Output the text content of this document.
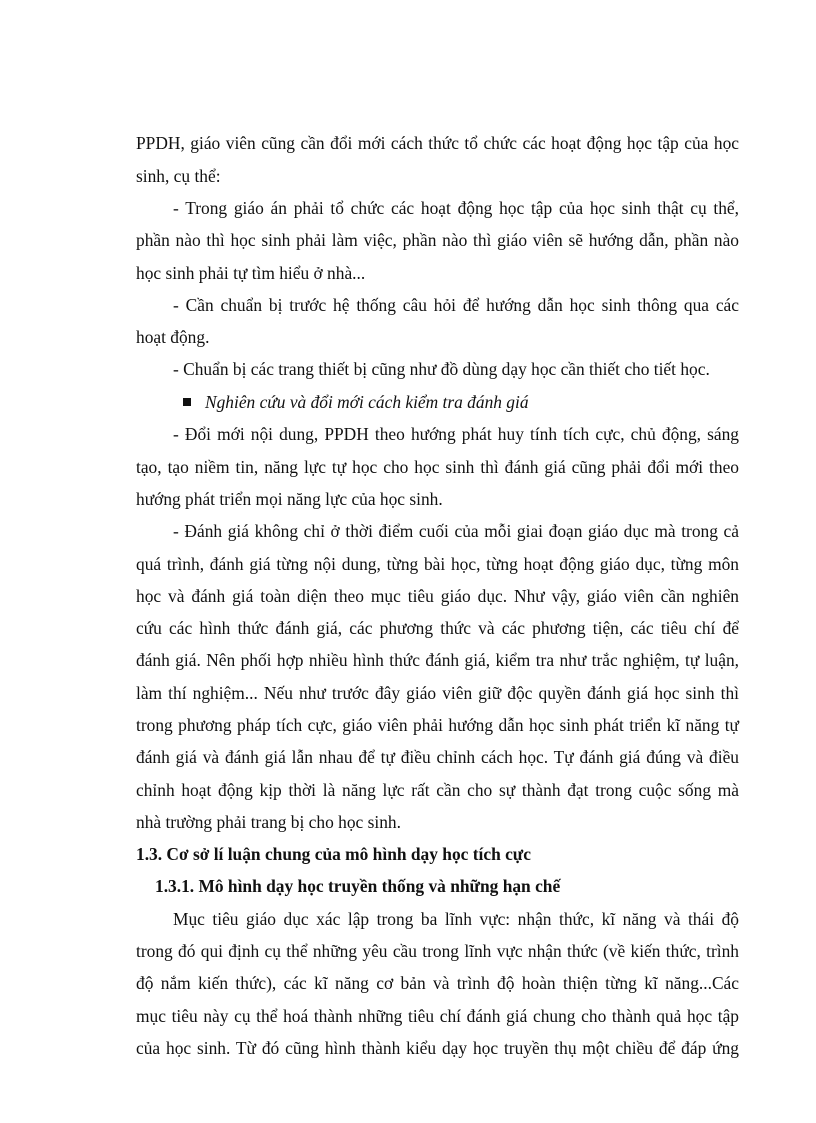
PPDH, giáo viên cũng cần đổi mới cách thức tổ chức các hoạt động học tập của học
sinh, cụ thể:
- Trong giáo án phải tổ chức các hoạt động học tập của học sinh thật cụ thể,
phần nào thì học sinh phải làm việc, phần nào thì giáo viên sẽ hướng dẫn, phần nào
học sinh phải tự tìm hiểu ở nhà...
- Cần chuẩn bị trước hệ thống câu hỏi để hướng dẫn học sinh thông qua các
hoạt động.
- Chuẩn bị các trang thiết bị cũng như đồ dùng dạy học cần thiết cho tiết học.
Nghiên cứu và đổi mới cách kiểm tra đánh giá
- Đổi mới nội dung, PPDH theo hướng phát huy tính tích cực, chủ động, sáng
tạo, tạo niềm tin, năng lực tự học cho học sinh thì đánh giá cũng phải đổi mới theo
hướng phát triển mọi năng lực của học sinh.
- Đánh giá không chỉ ở thời điểm cuối của mỗi giai đoạn giáo dục mà trong cả
quá trình, đánh giá từng nội dung, từng bài học, từng hoạt động giáo dục, từng môn
học và đánh giá toàn diện theo mục tiêu giáo dục. Như vậy, giáo viên cần nghiên
cứu các hình thức đánh giá, các phương thức và các phương tiện, các tiêu chí để
đánh giá. Nên phối hợp nhiều hình thức đánh giá, kiểm tra như trắc nghiệm, tự luận,
làm thí nghiệm... Nếu như trước đây giáo viên giữ độc quyền đánh giá học sinh thì
trong phương pháp tích cực, giáo viên phải hướng dẫn học sinh phát triển kĩ năng tự
đánh giá và đánh giá lẫn nhau để tự điều chỉnh cách học. Tự đánh giá đúng và điều
chỉnh hoạt động kịp thời là năng lực rất cần cho sự thành đạt trong cuộc sống mà
nhà trường phải trang bị cho học sinh.
1.3. Cơ sở lí luận chung của mô hình dạy học tích cực
1.3.1. Mô hình dạy học truyền thống và những hạn chế
Mục tiêu giáo dục xác lập trong ba lĩnh vực: nhận thức, kĩ năng và thái độ
trong đó qui định cụ thể những yêu cầu trong lĩnh vực nhận thức (về kiến thức, trình
độ nắm kiến thức), các kĩ năng cơ bản và trình độ hoàn thiện từng kĩ năng...Các
mục tiêu này cụ thể hoá thành những tiêu chí đánh giá chung cho thành quả học tập
của học sinh. Từ đó cũng hình thành kiểu dạy học truyền thụ một chiều để đáp ứng
